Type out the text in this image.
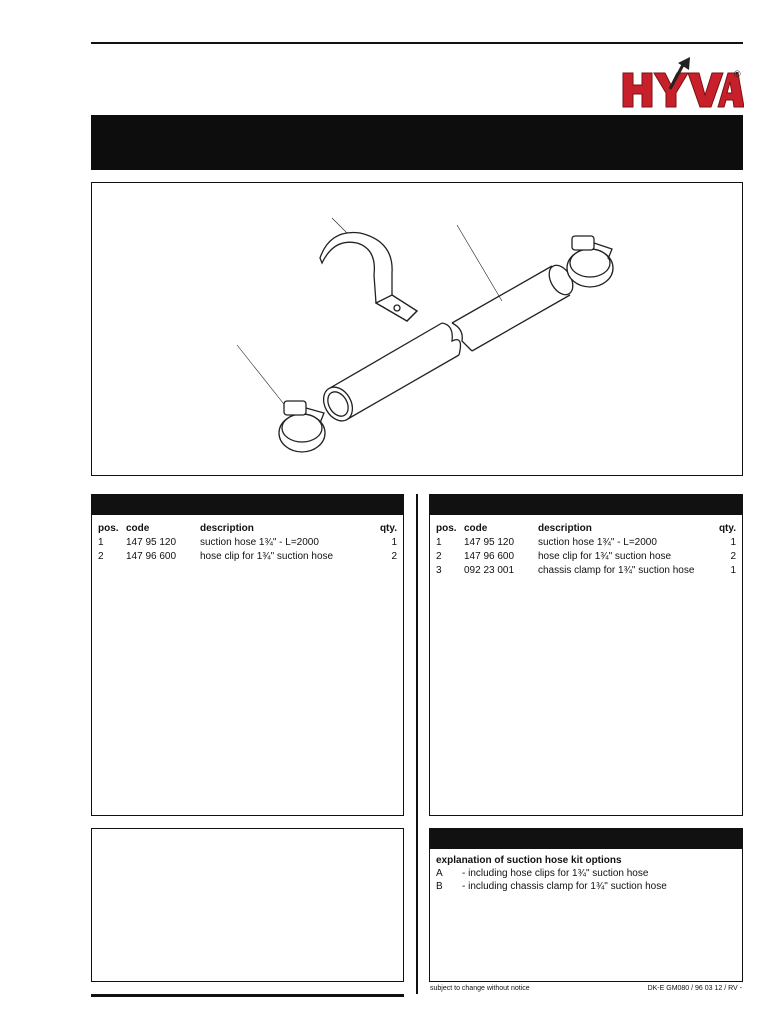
®
pos.	code	description	qty.
1	147 95 120	suction hose 1¾" - L=2000	1
2	147 96 600	hose clip for 1¾" suction hose	2
pos.	code	description	qty.
1	147 95 120	suction hose 1¾" - L=2000	1
2	147 96 600	hose clip for 1¾" suction hose	2
3	092 23 001	chassis clamp for 1¾" suction hose	1
explanation of suction hose kit options
A	- including hose clips for 1¾" suction hose
B	- including chassis clamp for 1¾" suction hose
subject to change without notice	DK-E GM080 / 96 03 12 / RV -
